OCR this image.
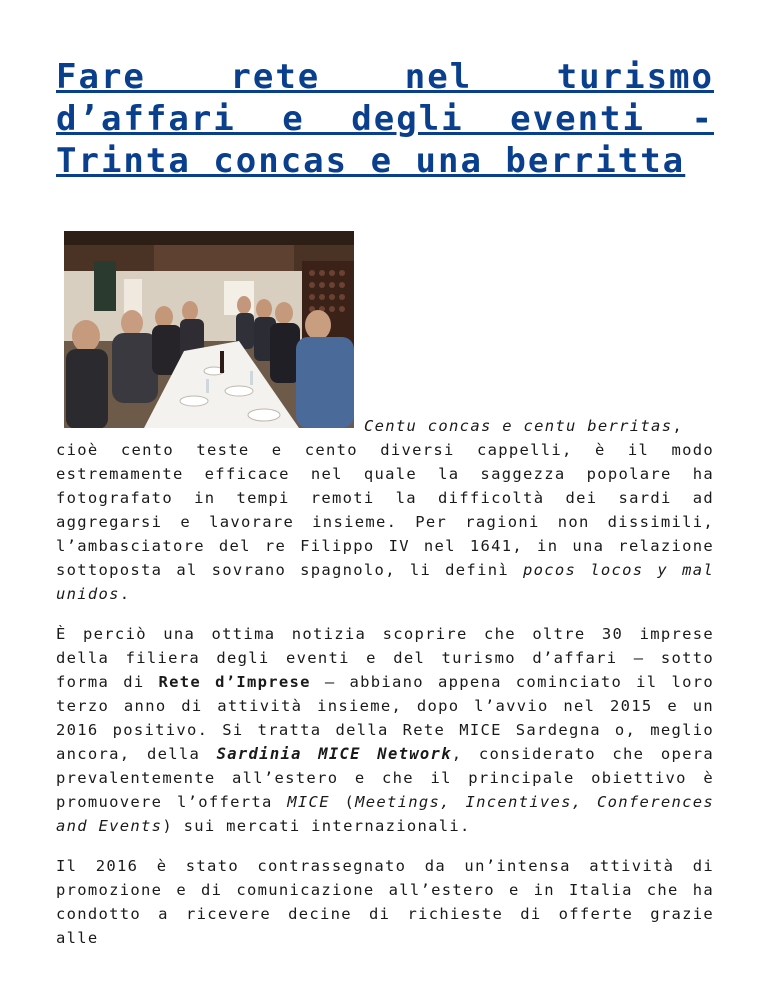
Fare rete nel turismo d’affari e degli eventi - Trinta concas e una berritta

Centu concas e centu berritas,
cioè cento teste e cento diversi cappelli, è il modo estremamente efficace nel quale la saggezza popolare ha fotografato in tempi remoti la difficoltà dei sardi ad aggregarsi e lavorare insieme. Per ragioni non dissimili, l’ambasciatore del re Filippo IV nel 1641, in una relazione sottoposta al sovrano spagnolo, li definì pocos locos y mal unidos.

È perciò una ottima notizia scoprire che oltre 30 imprese della filiera degli eventi e del turismo d’affari – sotto forma di Rete d’Imprese – abbiano appena cominciato il loro terzo anno di attività insieme, dopo l’avvio nel 2015 e un 2016 positivo. Si tratta della Rete MICE Sardegna o, meglio ancora, della Sardinia MICE Network, considerato che opera prevalentemente all’estero e che il principale obiettivo è promuovere l’offerta MICE (Meetings, Incentives, Conferences and Events) sui mercati internazionali.

Il 2016 è stato contrassegnato da un’intensa attività di promozione e di comunicazione all’estero e in Italia che ha condotto a ricevere decine di richieste di offerte grazie alle
